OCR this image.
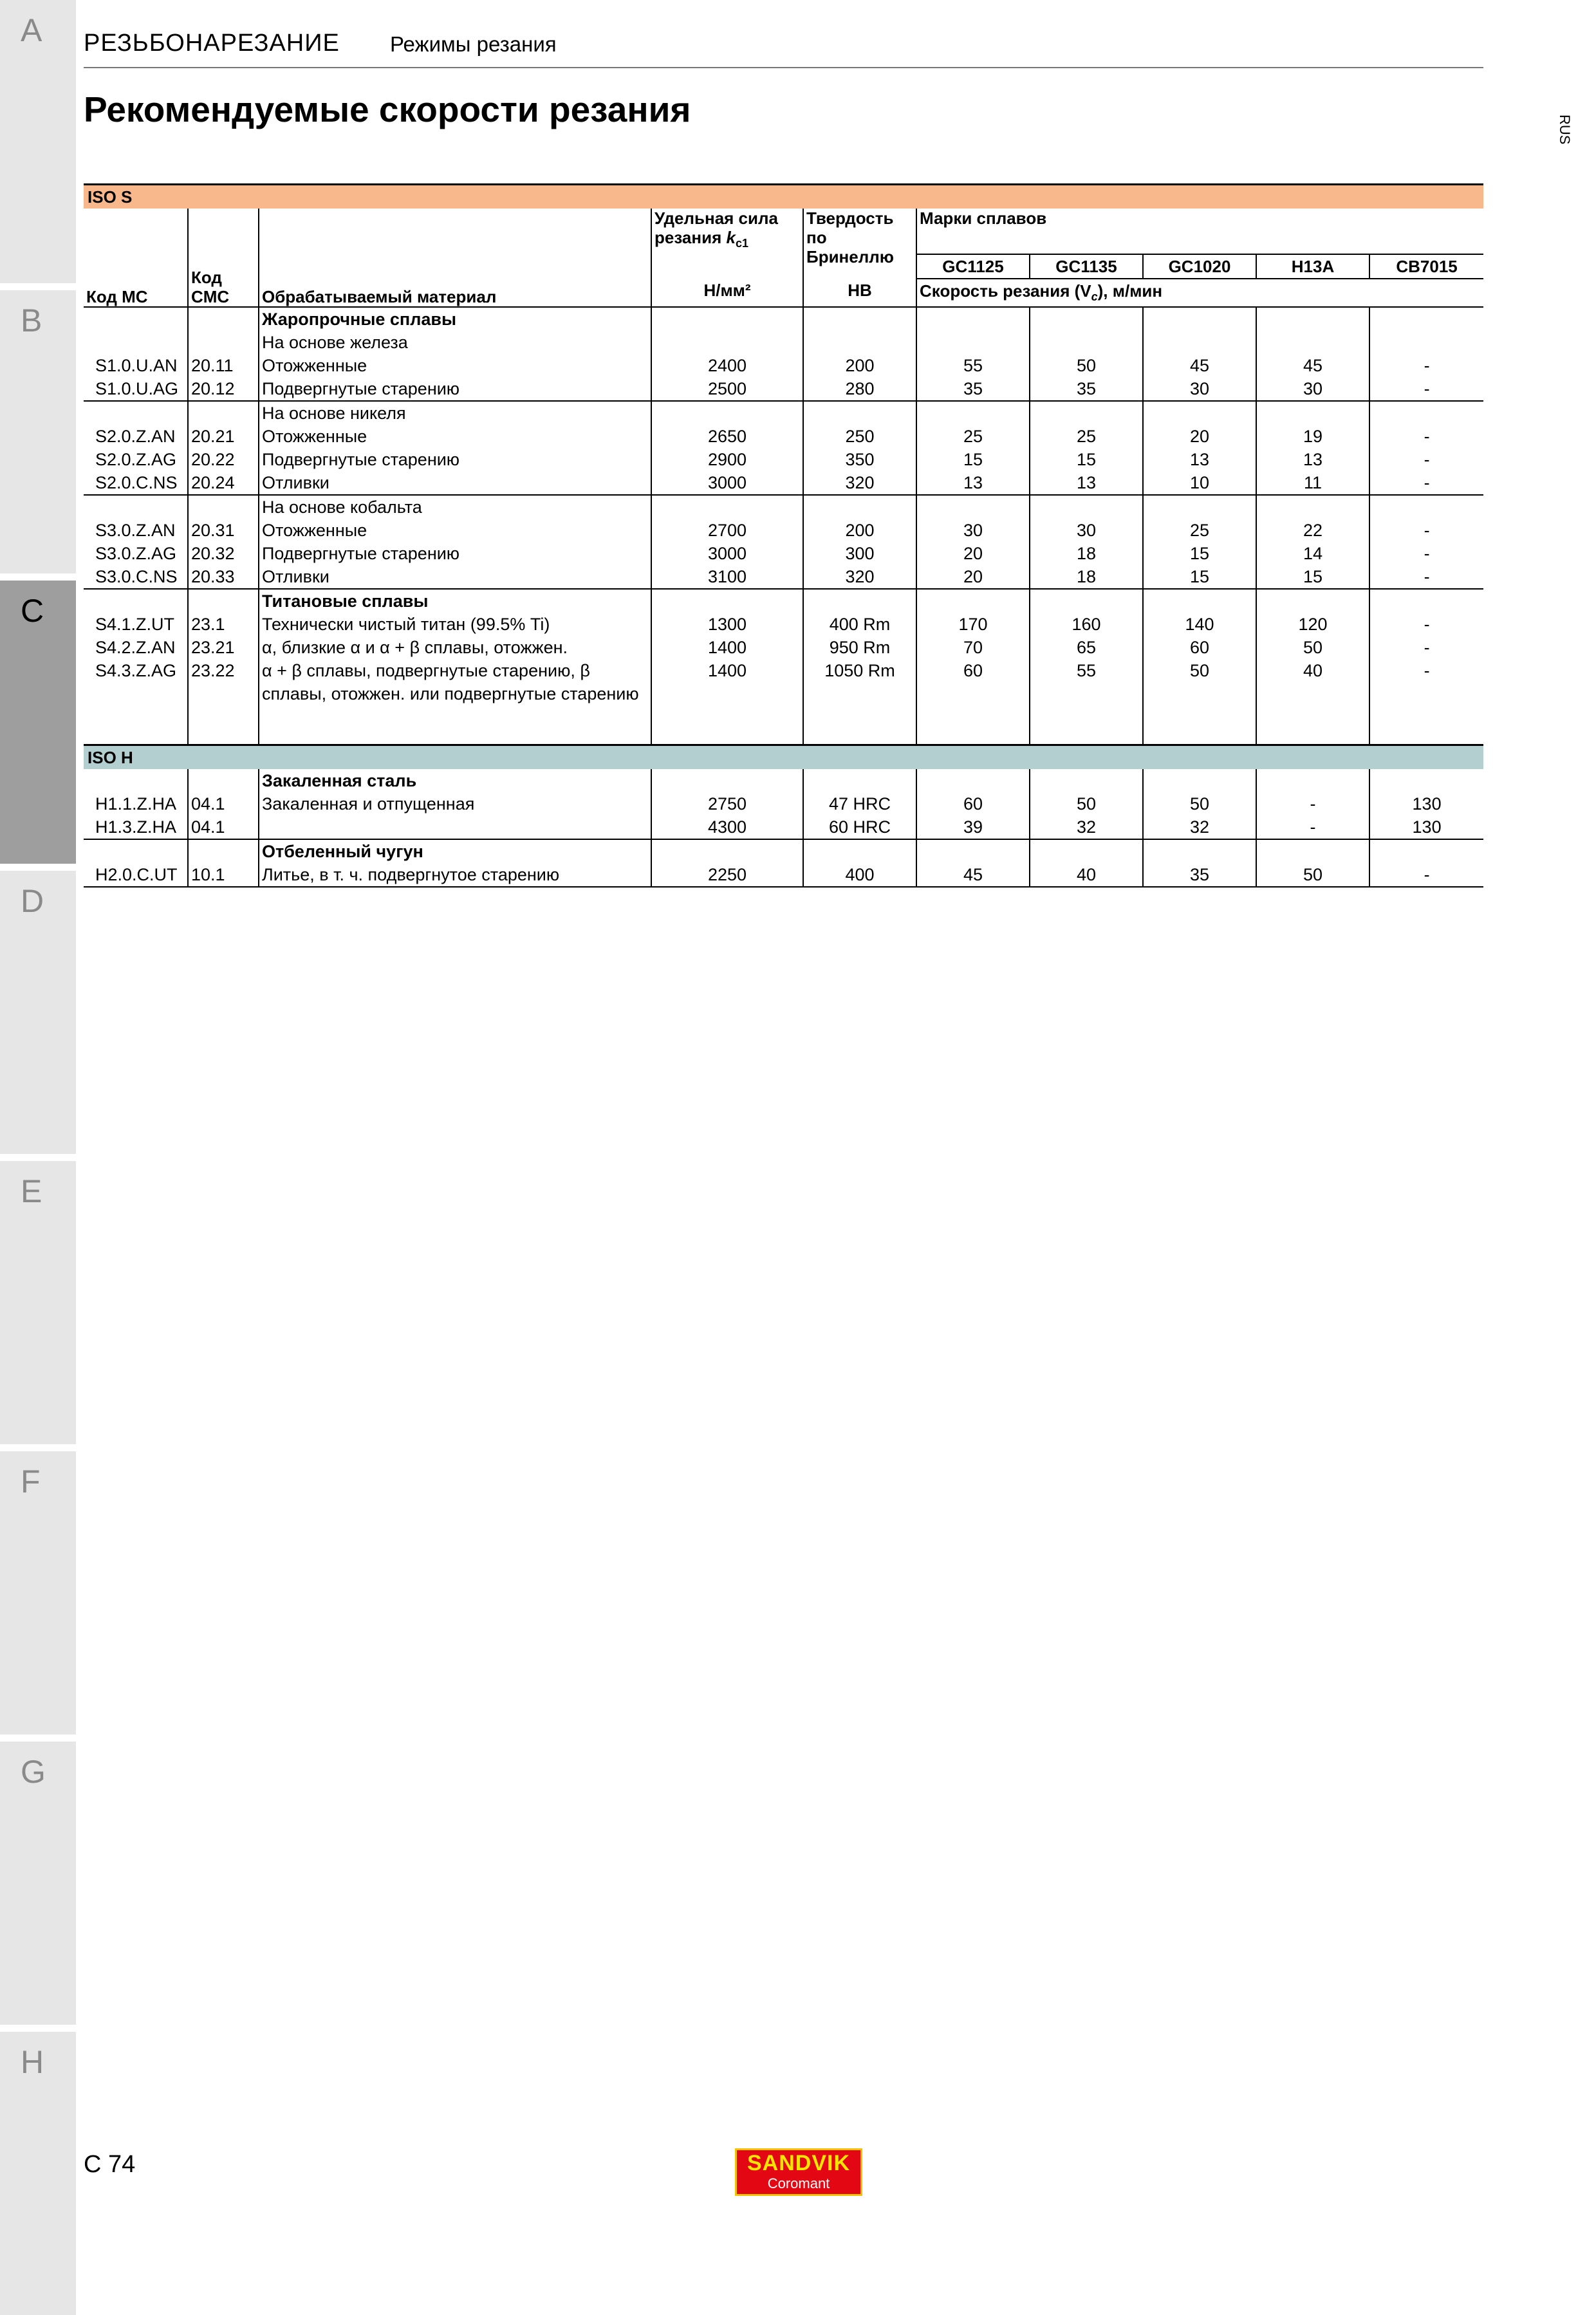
A
B
C
D
E
F
G
H
РЕЗЬБОНАРЕЗАНИЕ Режимы резания
Рекомендуемые скорости резания
RUS
ISO S									
Код МС	Код CMC	Обрабатываемый материал	Удельная сила
резания $k_{c1}$	Твердость по Бринеллю	Марки сплавов				
					GC1125	GC1135	GC1020	H13A	CB7015
			Н/мм²	HB	Скорость резания $(V_c)$, м/мин				
		Жаропрочные сплавы							
		На основе железа							
S1.0.U.AN	20.11	Отожженные	2400	200	55	50	45	45	-
S1.0.U.AG	20.12	Подвергнутые старению	2500	280	35	35	30	30	-
		На основе никеля							
S2.0.Z.AN	20.21	Отожженные	2650	250	25	25	20	19	-
S2.0.Z.AG	20.22	Подвергнутые старению	2900	350	15	15	13	13	-
S2.0.C.NS	20.24	Отливки	3000	320	13	13	10	11	-
		На основе кобальта							
S3.0.Z.AN	20.31	Отожженные	2700	200	30	30	25	22	-
S3.0.Z.AG	20.32	Подвергнутые старению	3000	300	20	18	15	14	-
S3.0.C.NS	20.33	Отливки	3100	320	20	18	15	15	-
		Титановые сплавы							
S4.1.Z.UT	23.1	Технически чистый титан (99.5% Ti)	1300	400 Rm	170	160	140	120	-
S4.2.Z.AN	23.21	α, близкие α и α + β сплавы, отожжен.	1400	950 Rm	70	65	60	50	-
S4.3.Z.AG	23.22	α + β сплавы, подвергнутые старению, β сплавы, отожжен. или подвергнутые старению	1400	1050 Rm	60	55	50	40	-

ISO H									
		Закаленная сталь							
H1.1.Z.HA	04.1	Закаленная и отпущенная	2750	47 HRC	60	50	50	-	130
H1.3.Z.HA	04.1		4300	60 HRC	39	32	32	-	130
		Отбеленный чугун							
H2.0.C.UT	10.1	Литье, в т. ч. подвергнутое старению	2250	400	45	40	35	50	-
C 74	SANDVIK
Coromant
